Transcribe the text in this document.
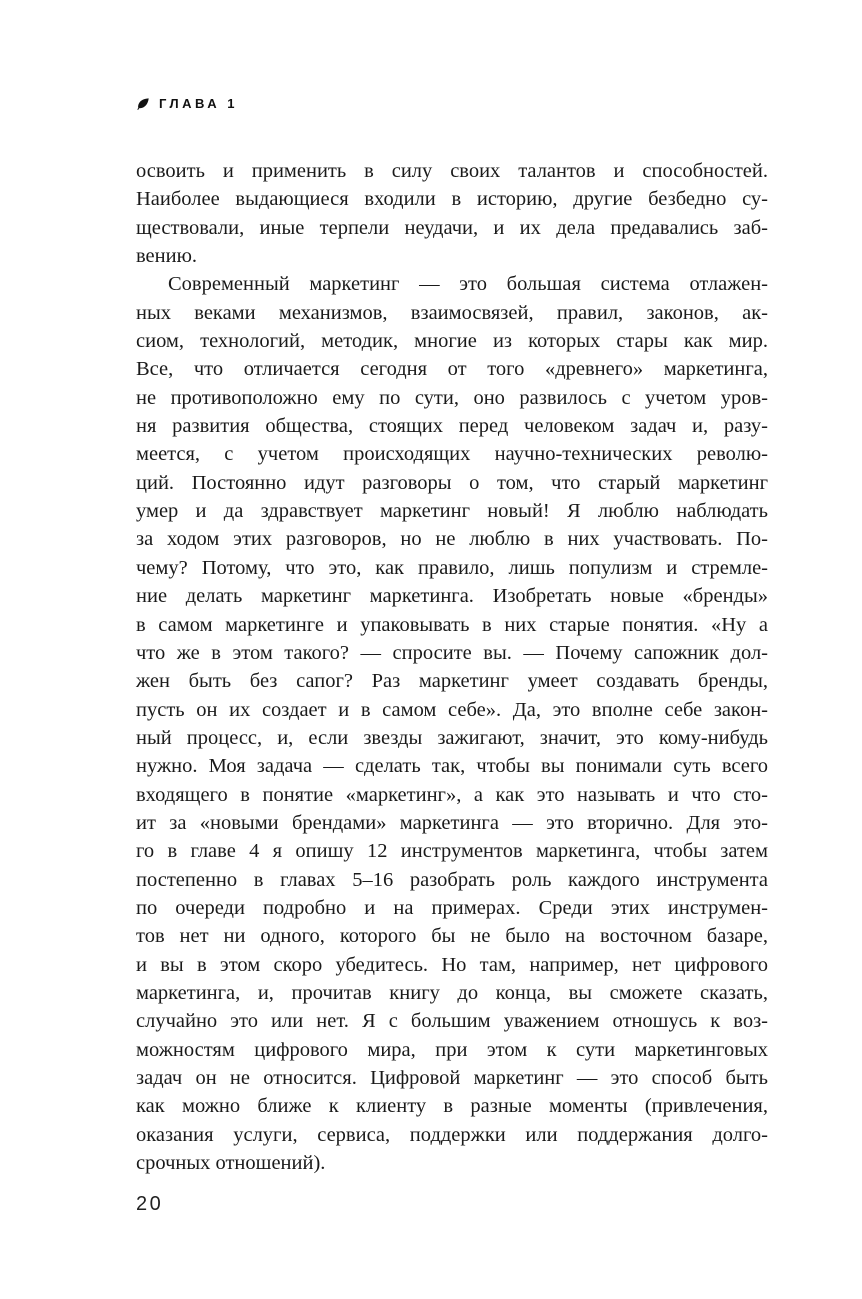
ГЛАВА 1
освоить и применить в силу своих талантов и способностей.
Наиболее выдающиеся входили в историю, другие безбедно су-
ществовали, иные терпели неудачи, и их дела предавались заб-
вению.
Современный маркетинг — это большая система отлажен-
ных веками механизмов, взаимосвязей, правил, законов, ак-
сиом, технологий, методик, многие из которых стары как мир.
Все, что отличается сегодня от того «древнего» маркетинга,
не противоположно ему по сути, оно развилось с учетом уров-
ня развития общества, стоящих перед человеком задач и, разу-
меется, с учетом происходящих научно-технических револю-
ций. Постоянно идут разговоры о том, что старый маркетинг
умер и да здравствует маркетинг новый! Я люблю наблюдать
за ходом этих разговоров, но не люблю в них участвовать. По-
чему? Потому, что это, как правило, лишь популизм и стремле-
ние делать маркетинг маркетинга. Изобретать новые «бренды»
в самом маркетинге и упаковывать в них старые понятия. «Ну а
что же в этом такого? — спросите вы. — Почему сапожник дол-
жен быть без сапог? Раз маркетинг умеет создавать бренды,
пусть он их создает и в самом себе». Да, это вполне себе закон-
ный процесс, и, если звезды зажигают, значит, это кому-нибудь
нужно. Моя задача — сделать так, чтобы вы понимали суть всего
входящего в понятие «маркетинг», а как это называть и что сто-
ит за «новыми брендами» маркетинга — это вторично. Для это-
го в главе 4 я опишу 12 инструментов маркетинга, чтобы затем
постепенно в главах 5–16 разобрать роль каждого инструмента
по очереди подробно и на примерах. Среди этих инструмен-
тов нет ни одного, которого бы не было на восточном базаре,
и вы в этом скоро убедитесь. Но там, например, нет цифрового
маркетинга, и, прочитав книгу до конца, вы сможете сказать,
случайно это или нет. Я с большим уважением отношусь к воз-
можностям цифрового мира, при этом к сути маркетинговых
задач он не относится. Цифровой маркетинг — это способ быть
как можно ближе к клиенту в разные моменты (привлечения,
оказания услуги, сервиса, поддержки или поддержания долго-
срочных отношений).
20
